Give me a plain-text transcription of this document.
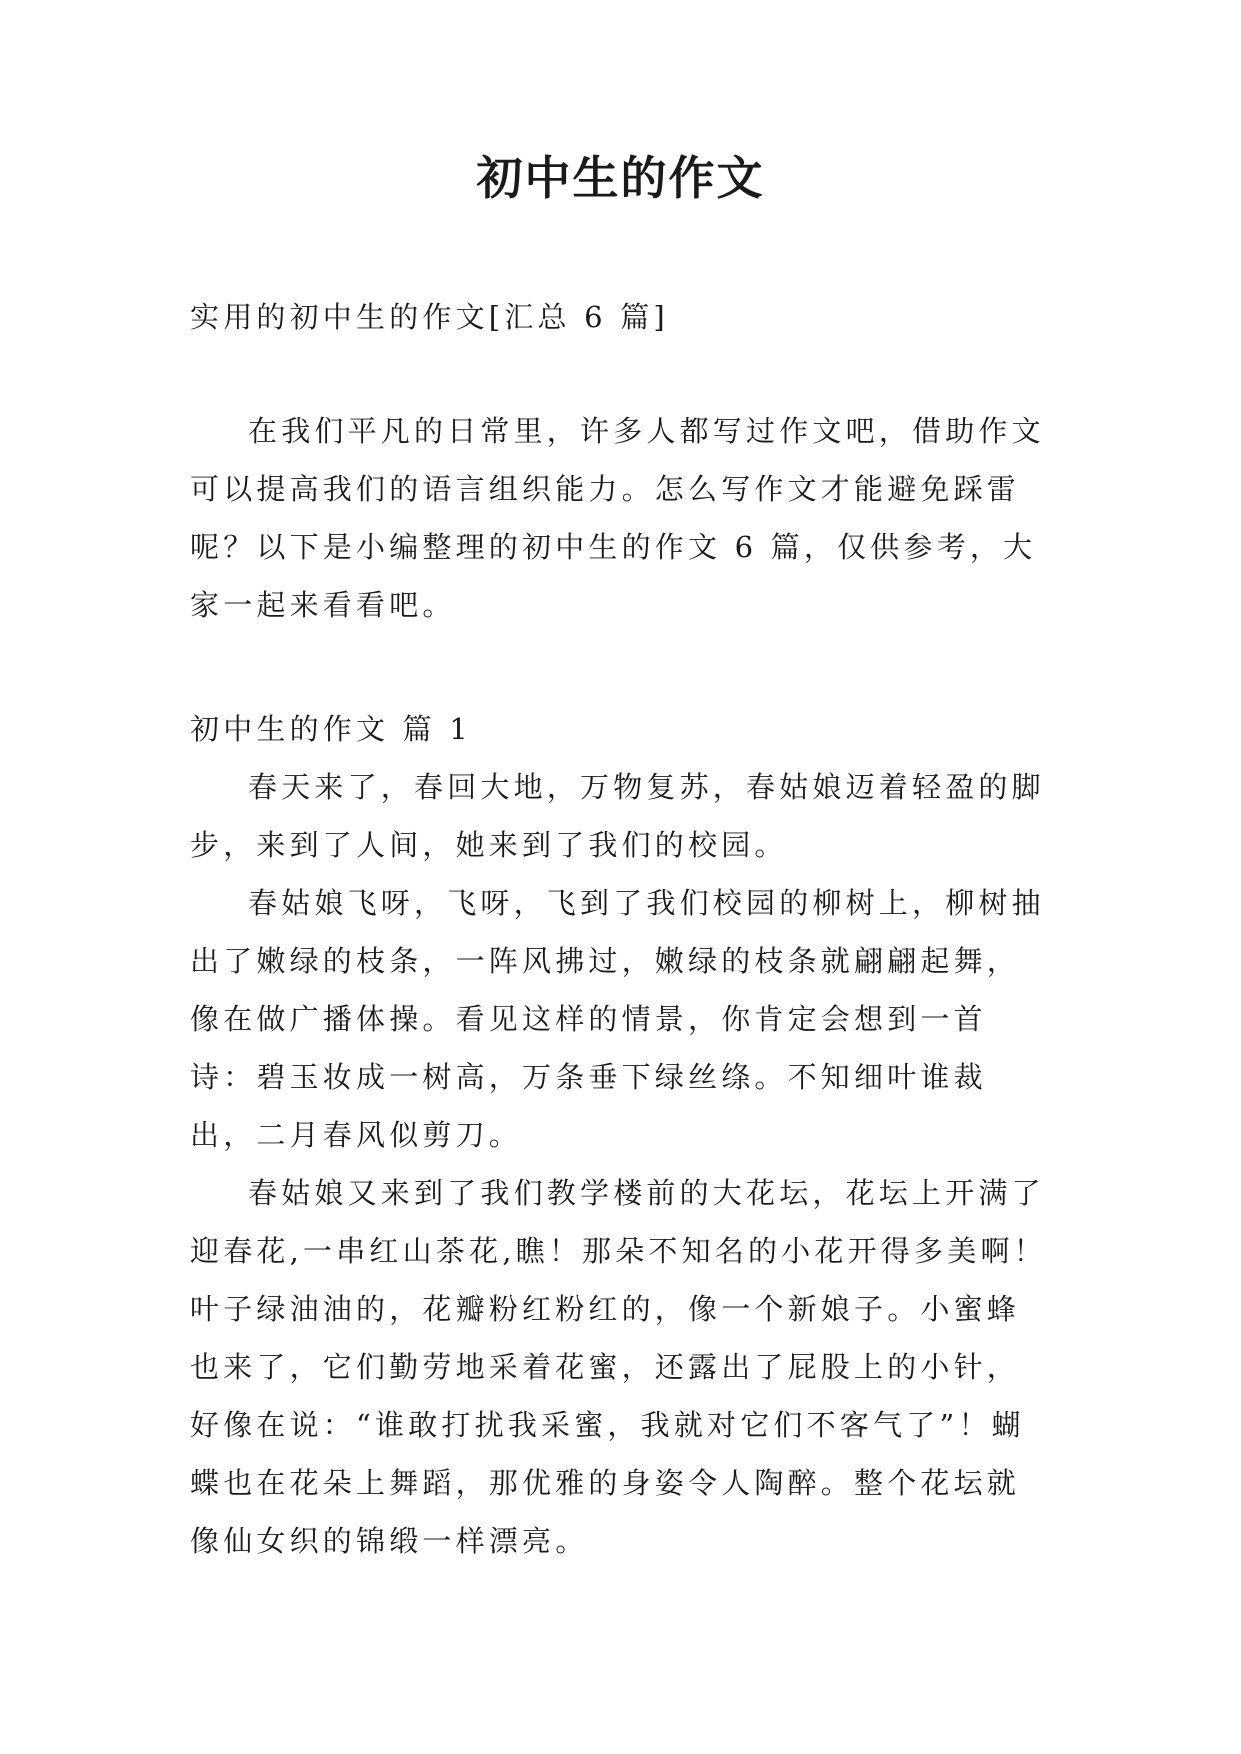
初中生的作文

实用的初中生的作文[汇总 6 篇]

在我们平凡的日常里，许多人都写过作文吧，借助作文可以提高我们的语言组织能力。怎么写作文才能避免踩雷呢？以下是小编整理的初中生的作文 6 篇，仅供参考，大家一起来看看吧。

初中生的作文 篇 1

春天来了，春回大地，万物复苏，春姑娘迈着轻盈的脚步，来到了人间，她来到了我们的校园。

春姑娘飞呀，飞呀，飞到了我们校园的柳树上，柳树抽出了嫩绿的枝条，一阵风拂过，嫩绿的枝条就翩翩起舞，像在做广播体操。看见这样的情景，你肯定会想到一首诗：碧玉妆成一树高，万条垂下绿丝绦。不知细叶谁裁出，二月春风似剪刀。

春姑娘又来到了我们教学楼前的大花坛，花坛上开满了迎春花,一串红山茶花,瞧！那朵不知名的小花开得多美啊！叶子绿油油的，花瓣粉红粉红的，像一个新娘子。小蜜蜂也来了，它们勤劳地采着花蜜，还露出了屁股上的小针，好像在说：“谁敢打扰我采蜜，我就对它们不客气了”！蝴蝶也在花朵上舞蹈，那优雅的身姿令人陶醉。整个花坛就像仙女织的锦缎一样漂亮。
